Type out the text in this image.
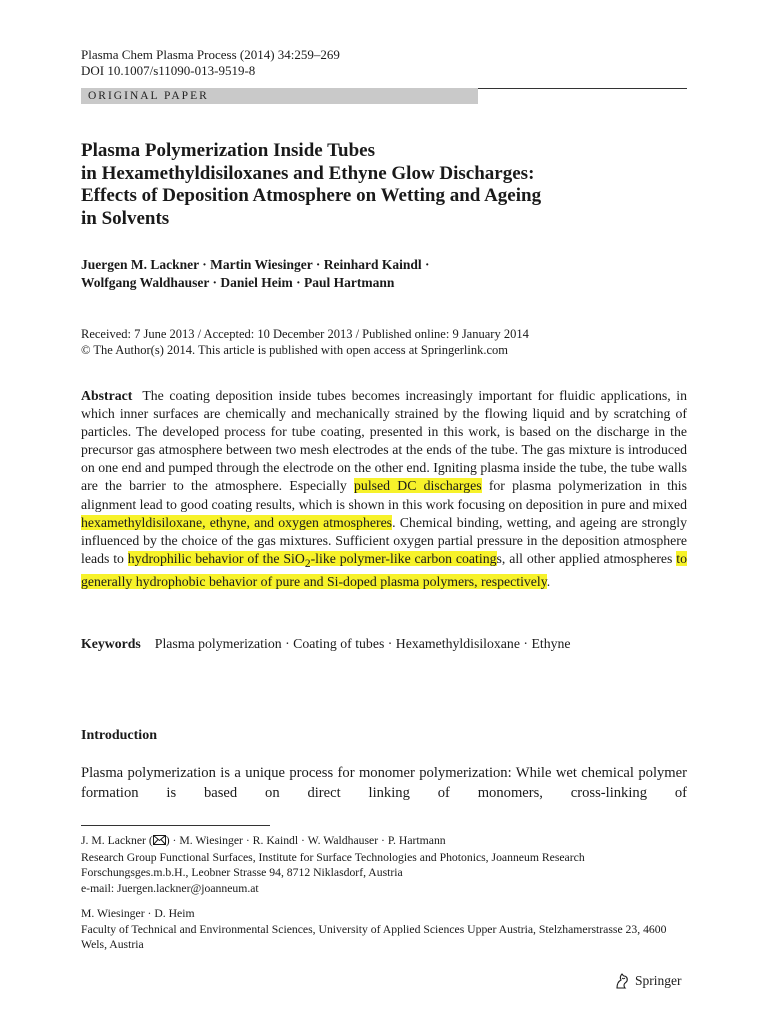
Plasma Chem Plasma Process (2014) 34:259–269
DOI 10.1007/s11090-013-9519-8
ORIGINAL PAPER
Plasma Polymerization Inside Tubes
in Hexamethyldisiloxanes and Ethyne Glow Discharges:
Effects of Deposition Atmosphere on Wetting and Ageing
in Solvents
Juergen M. Lackner · Martin Wiesinger · Reinhard Kaindl ·
Wolfgang Waldhauser · Daniel Heim · Paul Hartmann
Received: 7 June 2013 / Accepted: 10 December 2013 / Published online: 9 January 2014
© The Author(s) 2014. This article is published with open access at Springerlink.com
Abstract The coating deposition inside tubes becomes increasingly important for fluidic applications, in which inner surfaces are chemically and mechanically strained by the flowing liquid and by scratching of particles. The developed process for tube coating, presented in this work, is based on the discharge in the precursor gas atmosphere between two mesh electrodes at the ends of the tube. The gas mixture is introduced on one end and pumped through the electrode on the other end. Igniting plasma inside the tube, the tube walls are the barrier to the atmosphere. Especially pulsed DC discharges for plasma polymerization in this alignment lead to good coating results, which is shown in this work focusing on deposition in pure and mixed hexamethyldisiloxane, ethyne, and oxygen atmospheres. Chemical binding, wetting, and ageing are strongly influenced by the choice of the gas mixtures. Sufficient oxygen partial pressure in the deposition atmosphere leads to hydrophilic behavior of the SiO$_2$-like polymer-like carbon coatings, all other applied atmospheres to generally hydrophobic behavior of pure and Si-doped plasma polymers, respectively.
Keywords Plasma polymerization · Coating of tubes · Hexamethyldisiloxane · Ethyne
Introduction
Plasma polymerization is a unique process for monomer polymerization: While wet chemical polymer formation is based on direct linking of monomers, cross-linking of
J. M. Lackner ( ) · M. Wiesinger · R. Kaindl · W. Waldhauser · P. Hartmann
Research Group Functional Surfaces, Institute for Surface Technologies and Photonics, Joanneum Research Forschungsges.m.b.H., Leobner Strasse 94, 8712 Niklasdorf, Austria
e-mail: Juergen.lackner@joanneum.at
M. Wiesinger · D. Heim
Faculty of Technical and Environmental Sciences, University of Applied Sciences Upper Austria, Stelzhamerstrasse 23, 4600 Wels, Austria
Springer
